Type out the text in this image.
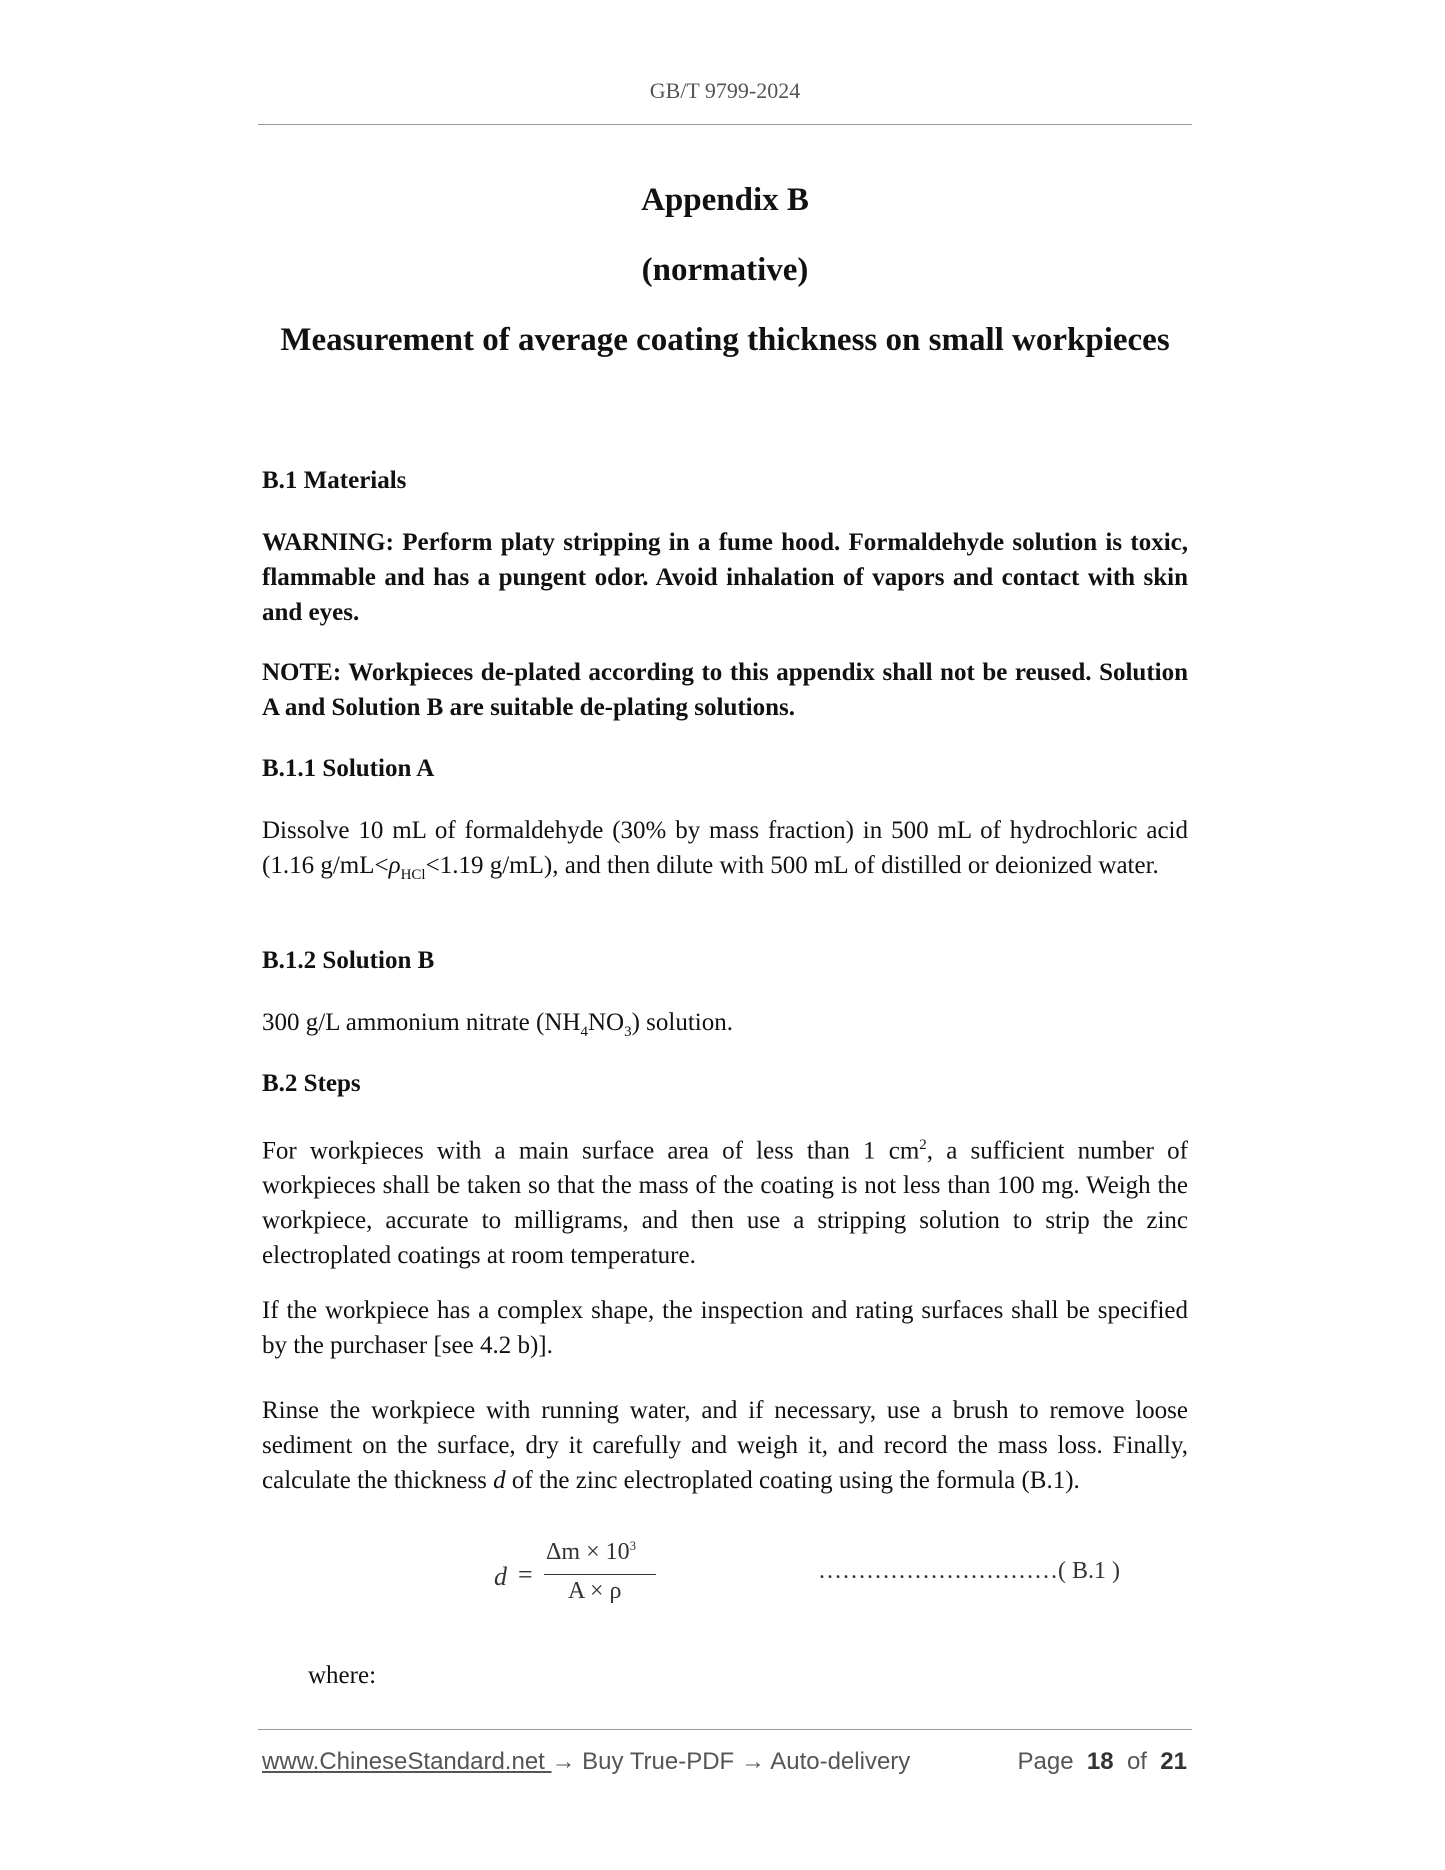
GB/T 9799-2024
Appendix B
(normative)
Measurement of average coating thickness on small workpieces
B.1 Materials

WARNING: Perform platy stripping in a fume hood. Formaldehyde solution is toxic, flammable and has a pungent odor. Avoid inhalation of vapors and contact with skin and eyes.

NOTE: Workpieces de-plated according to this appendix shall not be reused. Solution A and Solution B are suitable de-plating solutions.

B.1.1 Solution A

Dissolve 10 mL of formaldehyde (30% by mass fraction) in 500 mL of hydrochloric acid (1.16 $g/mL<\rho_{HCl}<1.19$ g/mL), and then dilute with 500 mL of distilled or deionized water.

B.1.2 Solution B

300 g/L ammonium nitrate $(NH_4NO_3)$ solution.

B.2 Steps

For workpieces with a main surface area of less than 1 $cm^2$, a sufficient number of workpieces shall be taken so that the mass of the coating is not less than 100 mg. Weigh the workpiece, accurate to milligrams, and then use a stripping solution to strip the zinc electroplated coatings at room temperature.

If the workpiece has a complex shape, the inspection and rating surfaces shall be specified by the purchaser [see 4.2 b)].

Rinse the workpiece with running water, and if necessary, use a brush to remove loose sediment on the surface, dry it carefully and weigh it, and record the mass loss. Finally, calculate the thickness d of the zinc electroplated coating using the formula (B.1).

d =
$\Delta m \times 10^3$
A × ρ
…………………………( B.1 )

where:

www.ChineseStandard.net → Buy True-PDF → Auto-delivery	Page 18 of 21
